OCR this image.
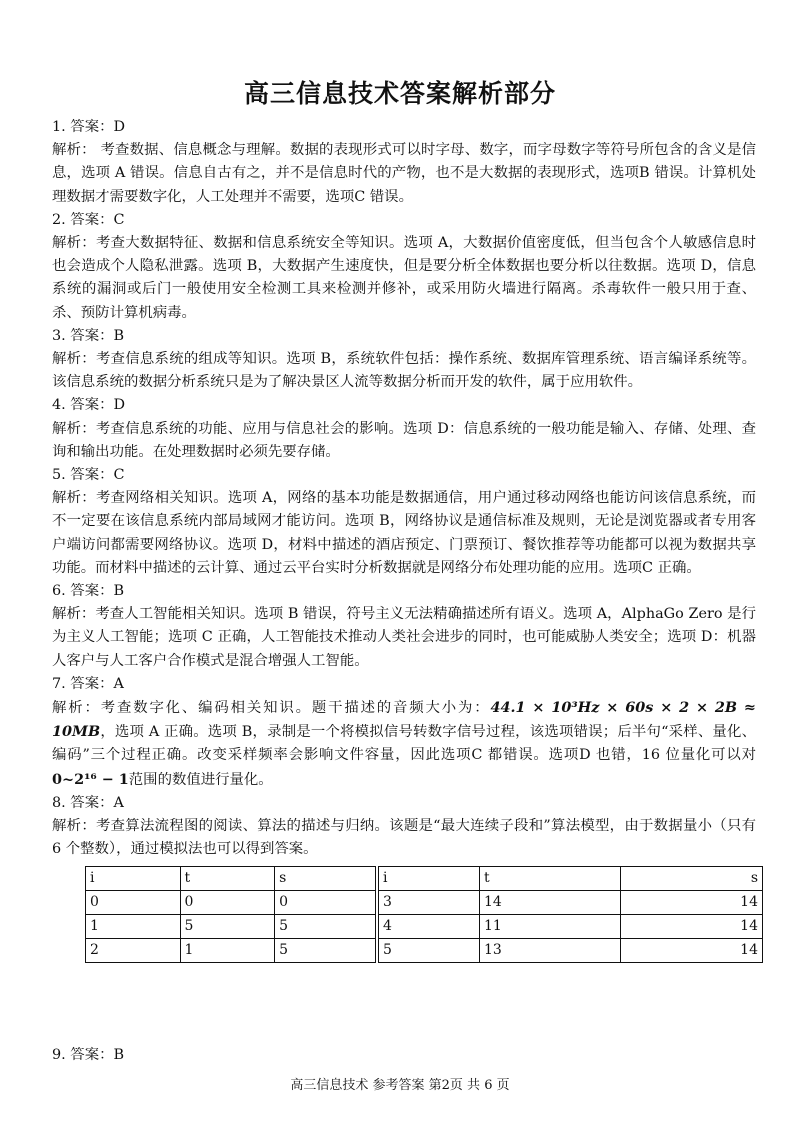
高三信息技术答案解析部分

1. 答案：D

解析： 考查数据、信息概念与理解。数据的表现形式可以时字母、数字，而字母数字等符号所包含的含义是信息，选项 A 错误。信息自古有之，并不是信息时代的产物，也不是大数据的表现形式，选项B 错误。计算机处理数据才需要数字化，人工处理并不需要，选项C 错误。

2. 答案：C

解析：考查大数据特征、数据和信息系统安全等知识。选项 A，大数据价值密度低，但当包含个人敏感信息时也会造成个人隐私泄露。选项 B，大数据产生速度快，但是要分析全体数据也要分析以往数据。选项 D，信息系统的漏洞或后门一般使用安全检测工具来检测并修补，或采用防火墙进行隔离。杀毒软件一般只用于查、杀、预防计算机病毒。

3. 答案：B

解析：考查信息系统的组成等知识。选项 B，系统软件包括：操作系统、数据库管理系统、语言编译系统等。该信息系统的数据分析系统只是为了解决景区人流等数据分析而开发的软件，属于应用软件。

4. 答案：D

解析：考查信息系统的功能、应用与信息社会的影响。选项 D：信息系统的一般功能是输入、存储、处理、查询和输出功能。在处理数据时必须先要存储。

5. 答案：C

解析：考查网络相关知识。选项 A，网络的基本功能是数据通信，用户通过移动网络也能访问该信息系统，而不一定要在该信息系统内部局域网才能访问。选项 B，网络协议是通信标准及规则，无论是浏览器或者专用客户端访问都需要网络协议。选项 D，材料中描述的酒店预定、门票预订、餐饮推荐等功能都可以视为数据共享功能。而材料中描述的云计算、通过云平台实时分析数据就是网络分布处理功能的应用。选项C 正确。

6. 答案：B

解析：考查人工智能相关知识。选项 B 错误，符号主义无法精确描述所有语义。选项 A，AlphaGo Zero 是行为主义人工智能；选项 C 正确，人工智能技术推动人类社会进步的同时，也可能威胁人类安全；选项 D：机器人客户与人工客户合作模式是混合增强人工智能。

7. 答案：A

解析：考查数字化、编码相关知识。题干描述的音频大小为：44.1 × 10³Hz × 60s × 2 × 2B ≈ 10MB，选项 A 正确。选项 B，录制是一个将模拟信号转数字信号过程，该选项错误；后半句“采样、量化、编码”三个过程正确。改变采样频率会影响文件容量，因此选项C 都错误。选项D 也错，16 位量化可以对0~2¹⁶ − 1范围的数值进行量化。

8. 答案：A

解析：考查算法流程图的阅读、算法的描述与归纳。该题是“最大连续子段和”算法模型，由于数据量小（只有 6 个整数），通过模拟法也可以得到答案。

i	t	s	i	t	s
0	0	0	3	14	14
1	5	5	4	11	14
2	1	5	5	13	14
9. 答案：B
高三信息技术 参考答案 第2页 共 6 页
